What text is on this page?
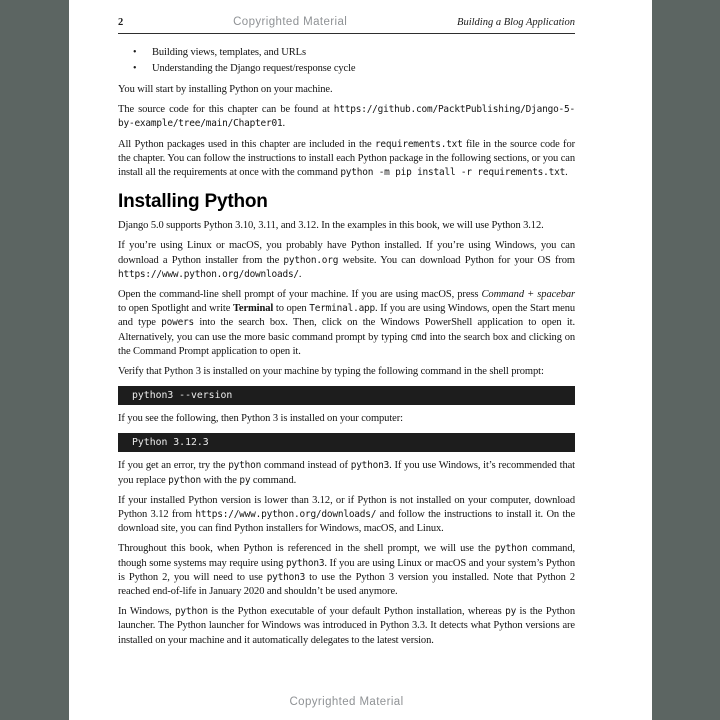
2	Copyrighted Material	Building a Blog Application
• Building views, templates, and URLs
• Understanding the Django request/response cycle

You will start by installing Python on your machine.

The source code for this chapter can be found at https://github.com/PacktPublishing/Django-5-by-example/tree/main/Chapter01.

All Python packages used in this chapter are included in the requirements.txt file in the source code for the chapter. You can follow the instructions to install each Python package in the following sections, or you can install all the requirements at once with the command python -m pip install -r requirements.txt.

Installing Python

Django 5.0 supports Python 3.10, 3.11, and 3.12. In the examples in this book, we will use Python 3.12.

If you’re using Linux or macOS, you probably have Python installed. If you’re using Windows, you can download a Python installer from the python.org website. You can download Python for your OS from https://www.python.org/downloads/.

Open the command-line shell prompt of your machine. If you are using macOS, press Command + spacebar to open Spotlight and write Terminal to open Terminal.app. If you are using Windows, open the Start menu and type powers into the search box. Then, click on the Windows PowerShell application to open it. Alternatively, you can use the more basic command prompt by typing cmd into the search box and clicking on the Command Prompt application to open it.

Verify that Python 3 is installed on your machine by typing the following command in the shell prompt:

python3 --version

If you see the following, then Python 3 is installed on your computer:

Python 3.12.3

If you get an error, try the python command instead of python3. If you use Windows, it’s recommended that you replace python with the py command.

If your installed Python version is lower than 3.12, or if Python is not installed on your computer, download Python 3.12 from https://www.python.org/downloads/ and follow the instructions to install it. On the download site, you can find Python installers for Windows, macOS, and Linux.

Throughout this book, when Python is referenced in the shell prompt, we will use the python command, though some systems may require using python3. If you are using Linux or macOS and your system’s Python is Python 2, you will need to use python3 to use the Python 3 version you installed. Note that Python 2 reached end-of-life in January 2020 and shouldn’t be used anymore.

In Windows, python is the Python executable of your default Python installation, whereas py is the Python launcher. The Python launcher for Windows was introduced in Python 3.3. It detects what Python versions are installed on your machine and it automatically delegates to the latest version.

Copyrighted Material
